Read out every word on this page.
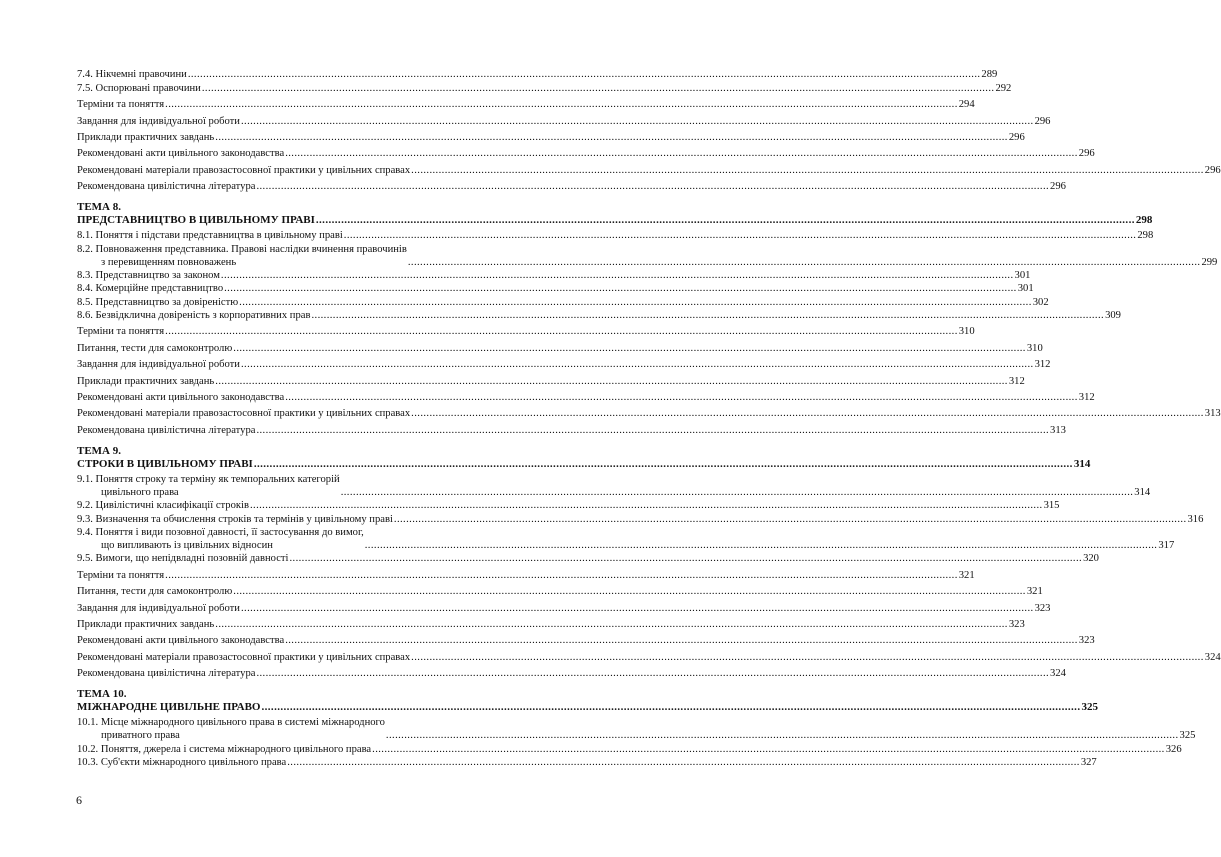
7.4. Нікчемні правочини .................................................................................................................................................................................................................................................................... 289
7.5. Оспорювані правочини .................................................................................................................................................................................................................................................................... 292
Терміни та поняття .................................................................................................................................................................................................................................................................... 294
Завдання для індивідуальної роботи .................................................................................................................................................................................................................................................................... 296
Приклади практичних завдань .................................................................................................................................................................................................................................................................... 296
Рекомендовані акти цивільного законодавства .................................................................................................................................................................................................................................................................... 296
Рекомендовані матеріали правозастосовної практики у цивільних справах .................................................................................................................................................................................................................................................................... 296
Рекомендована цивілістична література .................................................................................................................................................................................................................................................................... 296
ТЕМА 8.
ПРЕДСТАВНИЦТВО В ЦИВІЛЬНОМУ ПРАВІ .................................................................................................................................................................................................................................................................... 298
8.1. Поняття і підстави представництва в цивільному праві .................................................................................................................................................................................................................................................................... 298
8.2. Повноваження представника. Правові наслідки вчинення правочинів
з перевищенням повноважень	.................................................................................................................................................................................................................................................................... 299
8.3. Представництво за законом .................................................................................................................................................................................................................................................................... 301
8.4. Комерційне представництво .................................................................................................................................................................................................................................................................... 301
8.5. Представництво за довіреністю .................................................................................................................................................................................................................................................................... 302
8.6. Безвідклична довіреність з корпоративних прав .................................................................................................................................................................................................................................................................... 309
Терміни та поняття .................................................................................................................................................................................................................................................................... 310
Питання, тести для самоконтролю .................................................................................................................................................................................................................................................................... 310
Завдання для індивідуальної роботи .................................................................................................................................................................................................................................................................... 312
Приклади практичних завдань .................................................................................................................................................................................................................................................................... 312
Рекомендовані акти цивільного законодавства .................................................................................................................................................................................................................................................................... 312
Рекомендовані матеріали правозастосовної практики у цивільних справах .................................................................................................................................................................................................................................................................... 313
Рекомендована цивілістична література .................................................................................................................................................................................................................................................................... 313
ТЕМА 9.
СТРОКИ В ЦИВІЛЬНОМУ ПРАВІ .................................................................................................................................................................................................................................................................... 314
9.1. Поняття строку та терміну як темпоральних категорій
цивільного права	.................................................................................................................................................................................................................................................................... 314
9.2. Цивілістичні класифікації строків .................................................................................................................................................................................................................................................................... 315
9.3. Визначення та обчислення строків та термінів у цивільному праві .................................................................................................................................................................................................................................................................... 316
9.4. Поняття і види позовної давності, її застосування до вимог,
що випливають із цивільних відносин	.................................................................................................................................................................................................................................................................... 317
9.5. Вимоги, що непідвладні позовній давності .................................................................................................................................................................................................................................................................... 320
Терміни та поняття .................................................................................................................................................................................................................................................................... 321
Питання, тести для самоконтролю .................................................................................................................................................................................................................................................................... 321
Завдання для індивідуальної роботи .................................................................................................................................................................................................................................................................... 323
Приклади практичних завдань .................................................................................................................................................................................................................................................................... 323
Рекомендовані акти цивільного законодавства .................................................................................................................................................................................................................................................................... 323
Рекомендовані матеріали правозастосовної практики у цивільних справах .................................................................................................................................................................................................................................................................... 324
Рекомендована цивілістична література .................................................................................................................................................................................................................................................................... 324
ТЕМА 10.
МІЖНАРОДНЕ ЦИВІЛЬНЕ ПРАВО .................................................................................................................................................................................................................................................................... 325
10.1. Місце міжнародного цивільного права в системі міжнародного
приватного права	.................................................................................................................................................................................................................................................................... 325
10.2. Поняття, джерела і система міжнародного цивільного права .................................................................................................................................................................................................................................................................... 326
10.3. Суб'єкти міжнародного цивільного права .................................................................................................................................................................................................................................................................... 327
6
